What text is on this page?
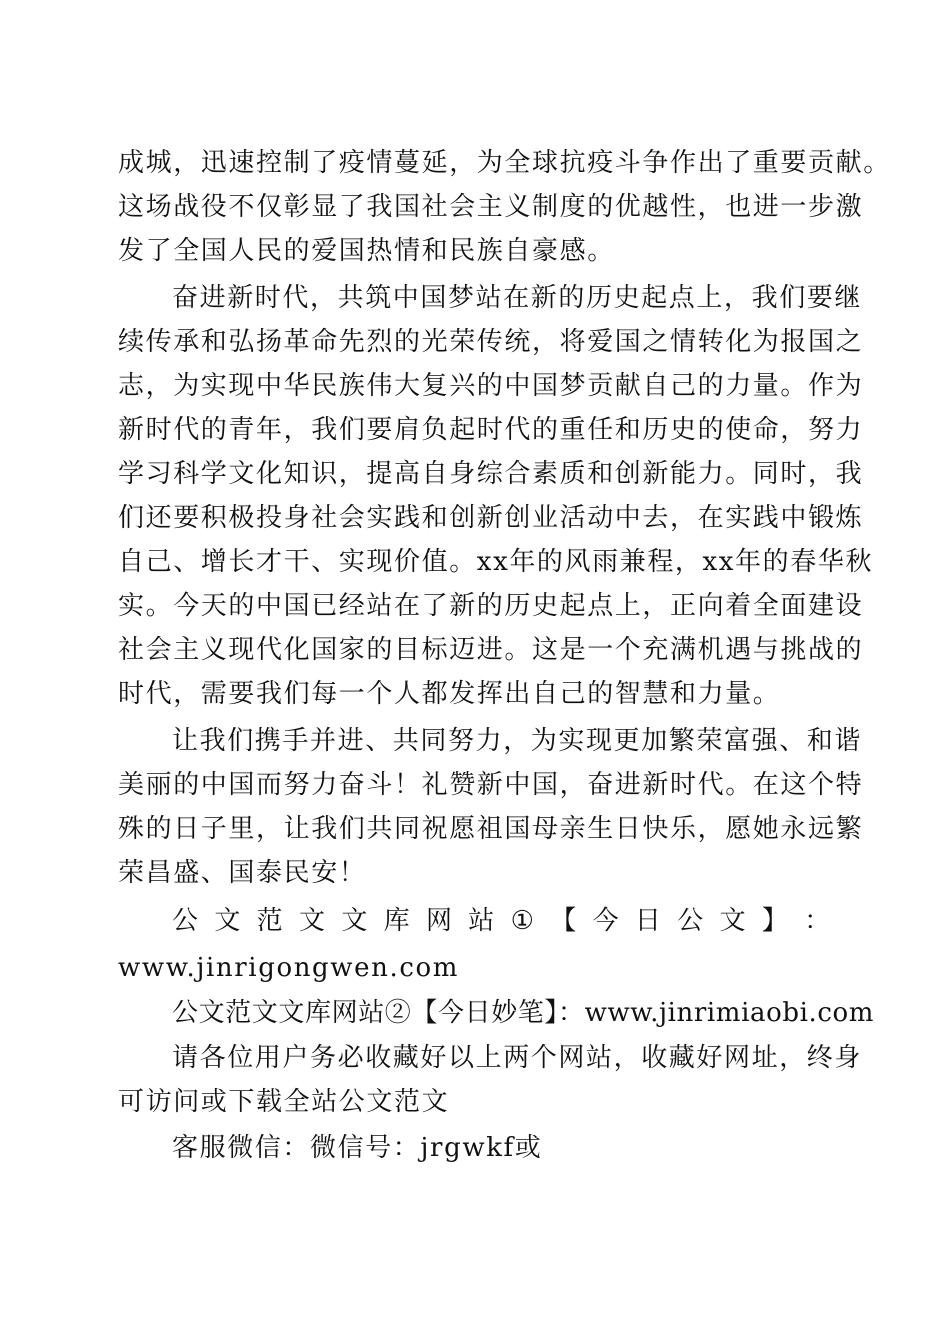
成城，迅速控制了疫情蔓延，为全球抗疫斗争作出了重要贡献。
这场战役不仅彰显了我国社会主义制度的优越性，也进一步激
发了全国人民的爱国热情和民族自豪感。
奋进新时代，共筑中国梦站在新的历史起点上，我们要继
续传承和弘扬革命先烈的光荣传统，将爱国之情转化为报国之
志，为实现中华民族伟大复兴的中国梦贡献自己的力量。作为
新时代的青年，我们要肩负起时代的重任和历史的使命，努力
学习科学文化知识，提高自身综合素质和创新能力。同时，我
们还要积极投身社会实践和创新创业活动中去，在实践中锻炼
自己、增长才干、实现价值。xx年的风雨兼程，xx年的春华秋
实。今天的中国已经站在了新的历史起点上，正向着全面建设
社会主义现代化国家的目标迈进。这是一个充满机遇与挑战的
时代，需要我们每一个人都发挥出自己的智慧和力量。
让我们携手并进、共同努力，为实现更加繁荣富强、和谐
美丽的中国而努力奋斗！礼赞新中国，奋进新时代。在这个特
殊的日子里，让我们共同祝愿祖国母亲生日快乐，愿她永远繁
荣昌盛、国泰民安！
公 文 范 文 文 库 网 站 ① 【 今 日 公 文 】 ：
www.jinrigongwen.com
公文范文文库网站②【今日妙笔】：www.jinrimiaobi.com
请各位用户务必收藏好以上两个网站，收藏好网址，终身
可访问或下载全站公文范文
客服微信：微信号：jrgwkf或
